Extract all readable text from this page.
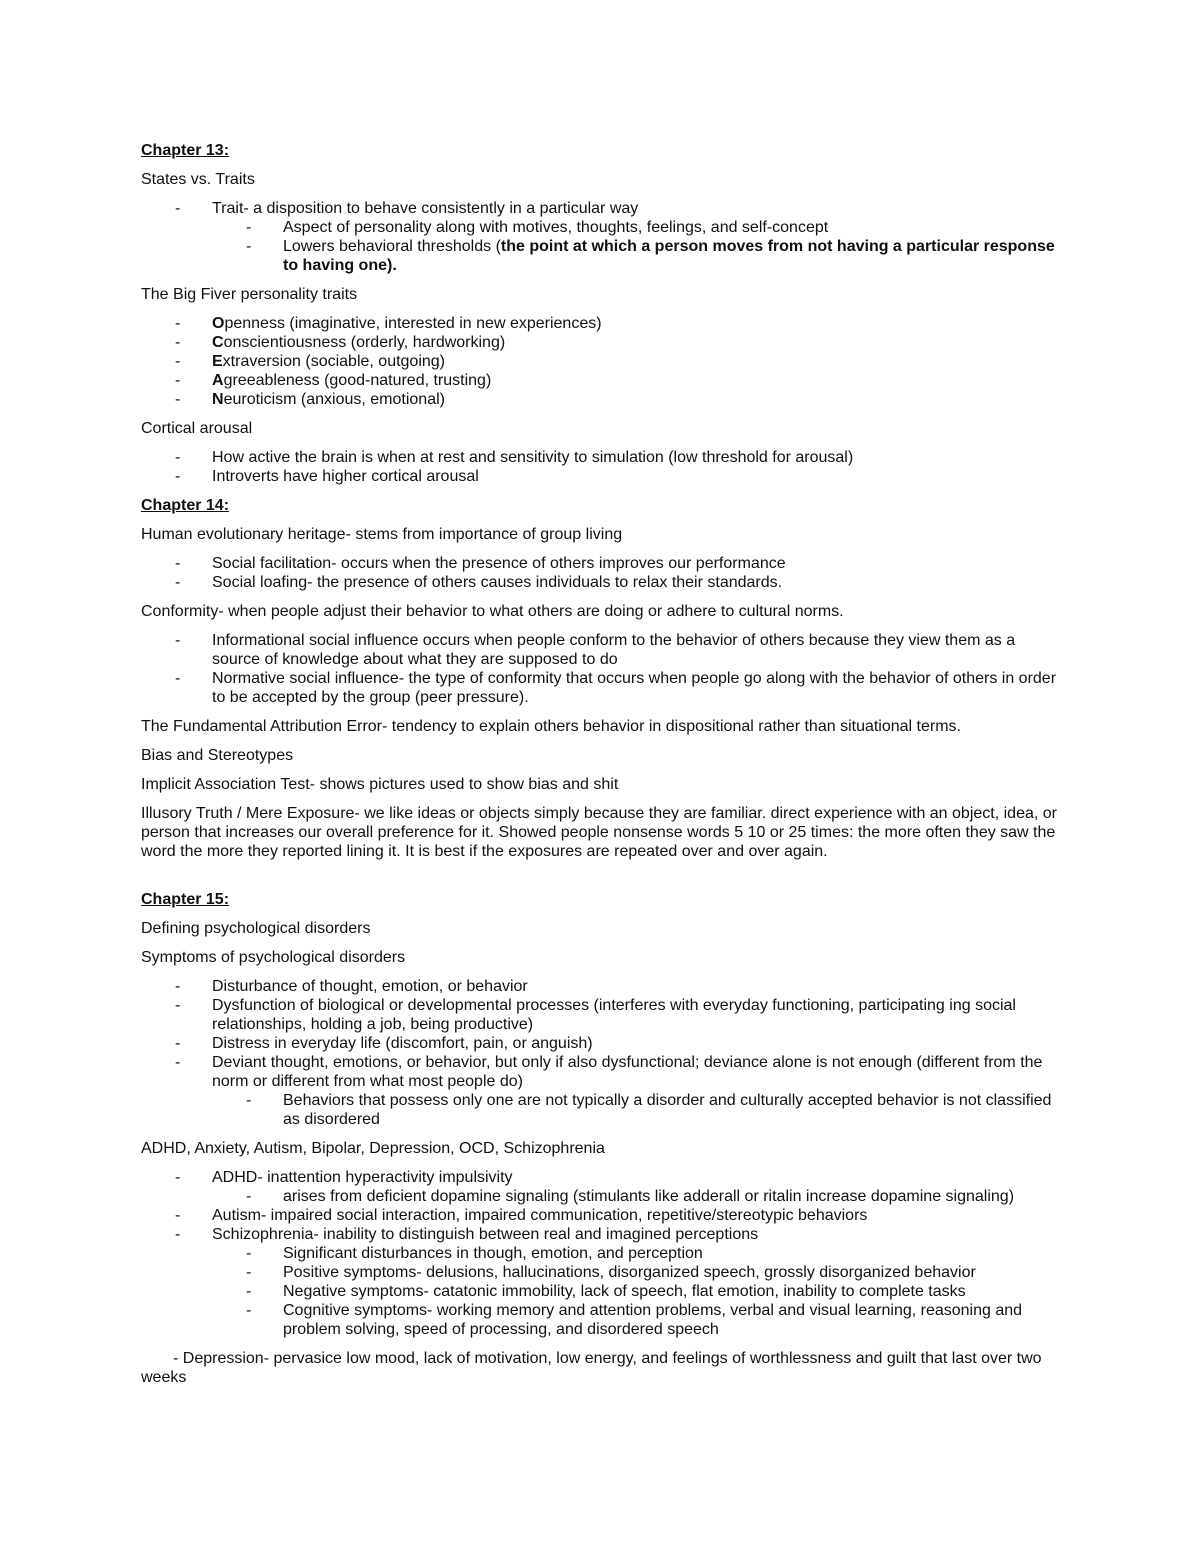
Chapter 13:
States vs. Traits
- Trait- a disposition to behave consistently in a particular way
- Aspect of personality along with motives, thoughts, feelings, and self-concept
- Lowers behavioral thresholds (the point at which a person moves from not having a particular response to having one).
The Big Fiver personality traits
- Openness (imaginative, interested in new experiences)
- Conscientiousness (orderly, hardworking)
- Extraversion (sociable, outgoing)
- Agreeableness (good-natured, trusting)
- Neuroticism (anxious, emotional)
Cortical arousal
- How active the brain is when at rest and sensitivity to simulation (low threshold for arousal)
- Introverts have higher cortical arousal
Chapter 14:
Human evolutionary heritage- stems from importance of group living
- Social facilitation- occurs when the presence of others improves our performance
- Social loafing- the presence of others causes individuals to relax their standards.
Conformity- when people adjust their behavior to what others are doing or adhere to cultural norms.
- Informational social influence occurs when people conform to the behavior of others because they view them as a source of knowledge about what they are supposed to do
- Normative social influence- the type of conformity that occurs when people go along with the behavior of others in order to be accepted by the group (peer pressure).
The Fundamental Attribution Error- tendency to explain others behavior in dispositional rather than situational terms.
Bias and Stereotypes
Implicit Association Test- shows pictures used to show bias and shit
Illusory Truth / Mere Exposure- we like ideas or objects simply because they are familiar. direct experience with an object, idea, or person that increases our overall preference for it. Showed people nonsense words 5 10 or 25 times: the more often they saw the word the more they reported lining it. It is best if the exposures are repeated over and over again.
Chapter 15:
Defining psychological disorders
Symptoms of psychological disorders
- Disturbance of thought, emotion, or behavior
- Dysfunction of biological or developmental processes (interferes with everyday functioning, participating ing social relationships, holding a job, being productive)
- Distress in everyday life (discomfort, pain, or anguish)
- Deviant thought, emotions, or behavior, but only if also dysfunctional; deviance alone is not enough (different from the norm or different from what most people do)
- Behaviors that possess only one are not typically a disorder and culturally accepted behavior is not classified as disordered
ADHD, Anxiety, Autism, Bipolar, Depression, OCD, Schizophrenia
- ADHD- inattention hyperactivity impulsivity
- arises from deficient dopamine signaling (stimulants like adderall or ritalin increase dopamine signaling)
- Autism- impaired social interaction, impaired communication, repetitive/stereotypic behaviors
- Schizophrenia- inability to distinguish between real and imagined perceptions
- Significant disturbances in though, emotion, and perception
- Positive symptoms- delusions, hallucinations, disorganized speech, grossly disorganized behavior
- Negative symptoms- catatonic immobility, lack of speech, flat emotion, inability to complete tasks
- Cognitive symptoms- working memory and attention problems, verbal and visual learning, reasoning and problem solving, speed of processing, and disordered speech
- Depression- pervasice low mood, lack of motivation, low energy, and feelings of worthlessness and guilt that last over two weeks
